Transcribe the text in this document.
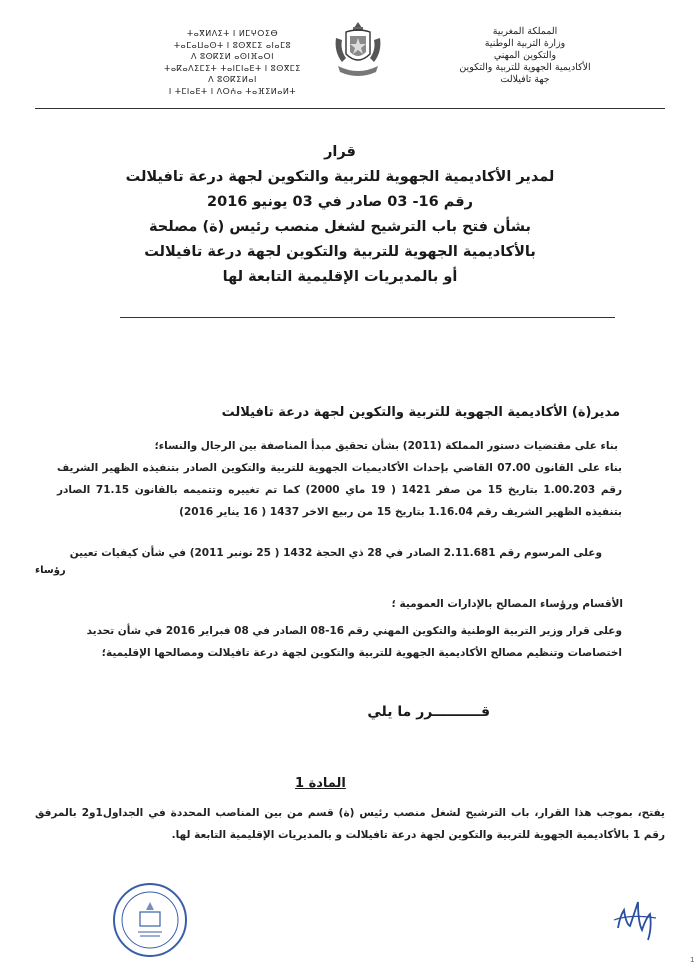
ⵜⴰⴳⵍⴷⵉⵜ ⵏ ⵍⵎⵖⵔⵉⴱ
ⵜⴰⵎⴰⵡⴰⵙⵜ ⵏ ⵓⵙⴳⵎⵉ ⴰⵏⴰⵎⵓ
ⴷ ⵓⵙⴽⵉⵍ ⴰⵙⵏⴼⴰⵔⵏ
ⵜⴰⴽⴰⴷⵉⵎⵉⵜ ⵜⴰⵏⵎⵏⴰⴹⵜ ⵏ ⵓⵙⴳⵎⵉ
ⴷ ⵓⵙⴽⵉⵍⴰⵏ
ⵏ ⵜⵎⵏⴰⴹⵜ ⵏ ⴷⵔⵄⴰ ⵜⴰⴼⵉⵍⴰⵍⵜ
المملكة المغربية
وزارة التربية الوطنية
والتكوين المهني
الأكاديمية الجهوية للتربية والتكوين
جهة تافيلالت
قرار
لمدير الأكاديمية الجهوية للتربية والتكوين لجهة درعة تافيلالت
رقم 16- 03 صادر في 03 يونيو 2016
بشأن فتح باب الترشيح لشغل منصب رئيس (ة) مصلحة
بالأكاديمية الجهوية للتربية والتكوين لجهة درعة تافيلالت
أو بالمديريات الإقليمية التابعة لها
مدير(ة) الأكاديمية الجهوية للتربية والتكوين لجهة درعة تافيلالت
بناء على مقتضيات دستور المملكة (2011) بشأن تحقيق مبدأ المناصفة بين الرجال والنساء؛
بناء على القانون 07.00 القاضي بإحداث الأكاديميات الجهوية للتربية والتكوين الصادر بتنفيذه الظهير الشريف رقم 1.00.203 بتاريخ 15 من صفر 1421 ( 19 ماي 2000) كما تم تغييره وتتميمه بالقانون 71.15 الصادر بتنفيذه الظهير الشريف رقم 1.16.04 بتاريخ 15 من ربيع الاخر 1437 ( 16 يناير 2016)
وعلى المرسوم رقم 2.11.681 الصادر في 28 ذي الحجة 1432 ( 25 نونبر 2011) في شأن كيفيات تعيين
رؤساء
الأقسام ورؤساء المصالح بالإدارات العمومية ؛
وعلى قرار وزير التربية الوطنية والتكوين المهني رقم 16-08 الصادر في 08 فبراير 2016 في شأن تحديد اختصاصات وتنظيم مصالح الأكاديمية الجهوية للتربية والتكوين لجهة درعة تافيلالت ومصالحها الإقليمية؛
قــــــــــرر ما يلي
المادة 1
يفتح، بموجب هذا القرار، باب الترشيح لشغل منصب رئيس (ة) قسم من بين المناصب المحددة في الجداول1و2 بالمرفق رقم 1 بالأكاديمية الجهوية للتربية والتكوين لجهة درعة تافيلالت و بالمديريات الإقليمية التابعة لها.
1
